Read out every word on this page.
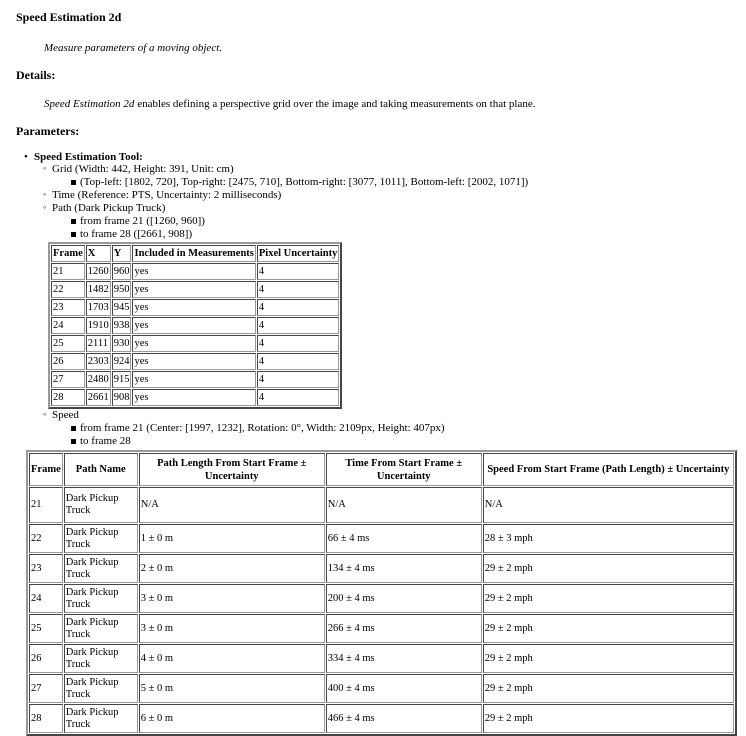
Speed Estimation 2d
Measure parameters of a moving object.
Details:
Speed Estimation 2d enables defining a perspective grid over the image and taking measurements on that plane.
Parameters:
• Speed Estimation Tool:
◦ Grid (Width: 442, Height: 391, Unit: cm)
(Top-left: [1802, 720], Top-right: [2475, 710], Bottom-right: [3077, 1011], Bottom-left: [2002, 1071])
◦ Time (Reference: PTS, Uncertainty: 2 milliseconds)
◦ Path (Dark Pickup Truck)
from frame 21 ([1260, 960])
to frame 28 ([2661, 908])
Frame	X	Y	Included in Measurements	Pixel Uncertainty
21	1260	960	yes	4
22	1482	950	yes	4
23	1703	945	yes	4
24	1910	938	yes	4
25	2111	930	yes	4
26	2303	924	yes	4
27	2480	915	yes	4
28	2661	908	yes	4
◦ Speed
from frame 21 (Center: [1997, 1232], Rotation: 0°, Width: 2109px, Height: 407px)
to frame 28
Frame	Path Name	Path Length From Start Frame ± Uncertainty	Time From Start Frame ± Uncertainty	Speed From Start Frame (Path Length) ± Uncertainty
21	Dark Pickup Truck	N/A	N/A	N/A
22	Dark Pickup Truck	1 ± 0 m	66 ± 4 ms	28 ± 3 mph
23	Dark Pickup Truck	2 ± 0 m	134 ± 4 ms	29 ± 2 mph
24	Dark Pickup Truck	3 ± 0 m	200 ± 4 ms	29 ± 2 mph
25	Dark Pickup Truck	3 ± 0 m	266 ± 4 ms	29 ± 2 mph
26	Dark Pickup Truck	4 ± 0 m	334 ± 4 ms	29 ± 2 mph
27	Dark Pickup Truck	5 ± 0 m	400 ± 4 ms	29 ± 2 mph
28	Dark Pickup Truck	6 ± 0 m	466 ± 4 ms	29 ± 2 mph
